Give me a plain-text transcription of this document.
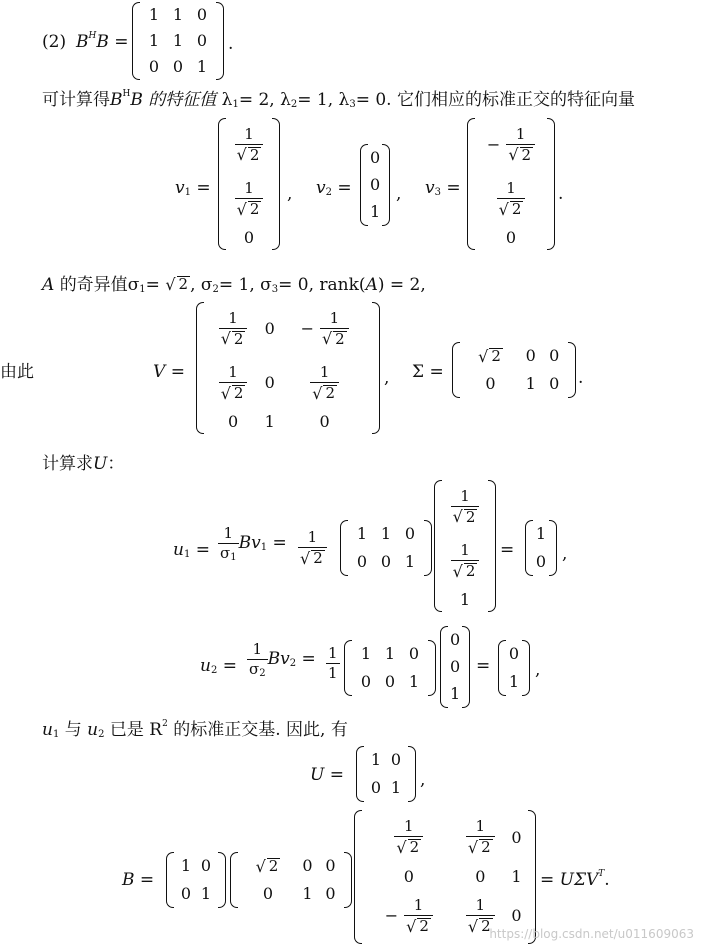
(2) $B^HB$ =
1	1	0
1	1	0
0	0	1
.
可计算得$B^HB$ 的特征值 λ1= 2, λ2= 1, λ3= 0. 它们相应的标准正交的特征向量
v1 =
$\frac{1}{√ 2}$

$\frac{1}{√ 2}$

0
, v2 =
0
0
1
, v3 =
− $\frac{1}{√ 2}$

$\frac{1}{√ 2}$

0
.
A 的奇异值σ1= √ 2 , σ2= 1, σ3= 0, rank(A) = 2,
由此	V =
$\frac{1}{√ 2}$	0	− $\frac{1}{√ 2}$

$\frac{1}{√ 2}$	0	$\frac{1}{√ 2}$

0	1	0
, Σ =
√ 2	0	0
0	1	0 .
计算求U：
$u1 = \frac{1}{\sigma 1} Bv1 = \frac{1}{√ 2} 1$	1	0
0	0	1
$\frac{1}{√ 2}$

$\frac{1}{√ 2}$

1
=
1
0 ,
$u2 = \frac{1}{\sigma 2} Bv2 = \frac{1}{1} 1$	1	0
0	0	1
0
0
1
=
0
1
,
u1 与 u2 已是 $R^2$ 的标准正交基. 因此, 有
U =
1	0
0	1 ,
B =
1	0
0	1
√ 2	0	0
0	1	0
$\frac{1}{√ 2}$	$\frac{1}{√ 2}$	0
0	0	1
− $\frac{1}{√ 2}$	$\frac{1}{√ 2}$	0
= $U\Sigma V^T$.
https://blog.csdn.net/u011609063
